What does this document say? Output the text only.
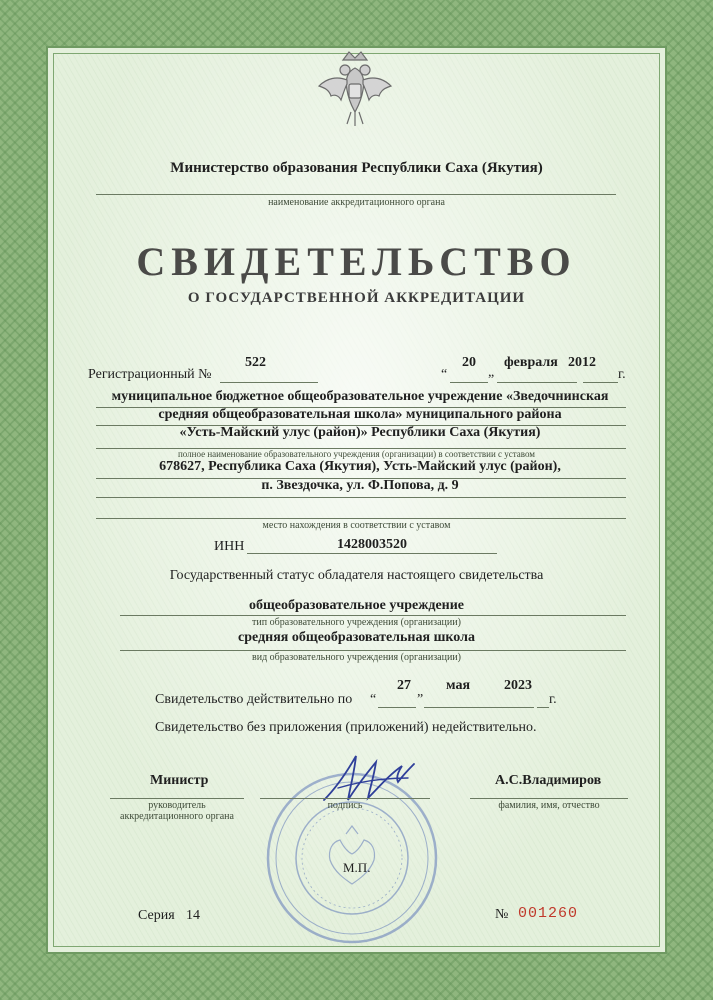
Министерство образования Республики Саха (Якутия)
наименование аккредитационного органа
СВИДЕТЕЛЬСТВО
О ГОСУДАРСТВЕННОЙ АККРЕДИТАЦИИ
Регистрационный №
522
“
20
„
февраля 2012
г.
муниципальное бюджетное общеобразовательное учреждение «Зведочнинская
средняя общеобразовательная школа» муниципального района
«Усть-Майский улус (район)» Республики Саха (Якутия)
полное наименование образовательного учреждения (организации) в соответствии с уставом
678627, Республика Саха (Якутия), Усть-Майский улус (район),
п. Звездочка, ул. Ф.Попова, д. 9
место нахождения в соответствии с уставом
ИНН	1428003520
Государственный статус обладателя настоящего свидетельства
общеобразовательное учреждение
тип образовательного учреждения (организации)
средняя общеобразовательная школа
вид образовательного учреждения (организации)
Свидетельство действительно по “
27
”
мая 2023
г.
Свидетельство без приложения (приложений) недействительно.
Министр
руководитель
аккредитационного органа
подпись
А.С.Владимиров
фамилия, имя, отчество
М.П.
Серия 14	№ 001260
